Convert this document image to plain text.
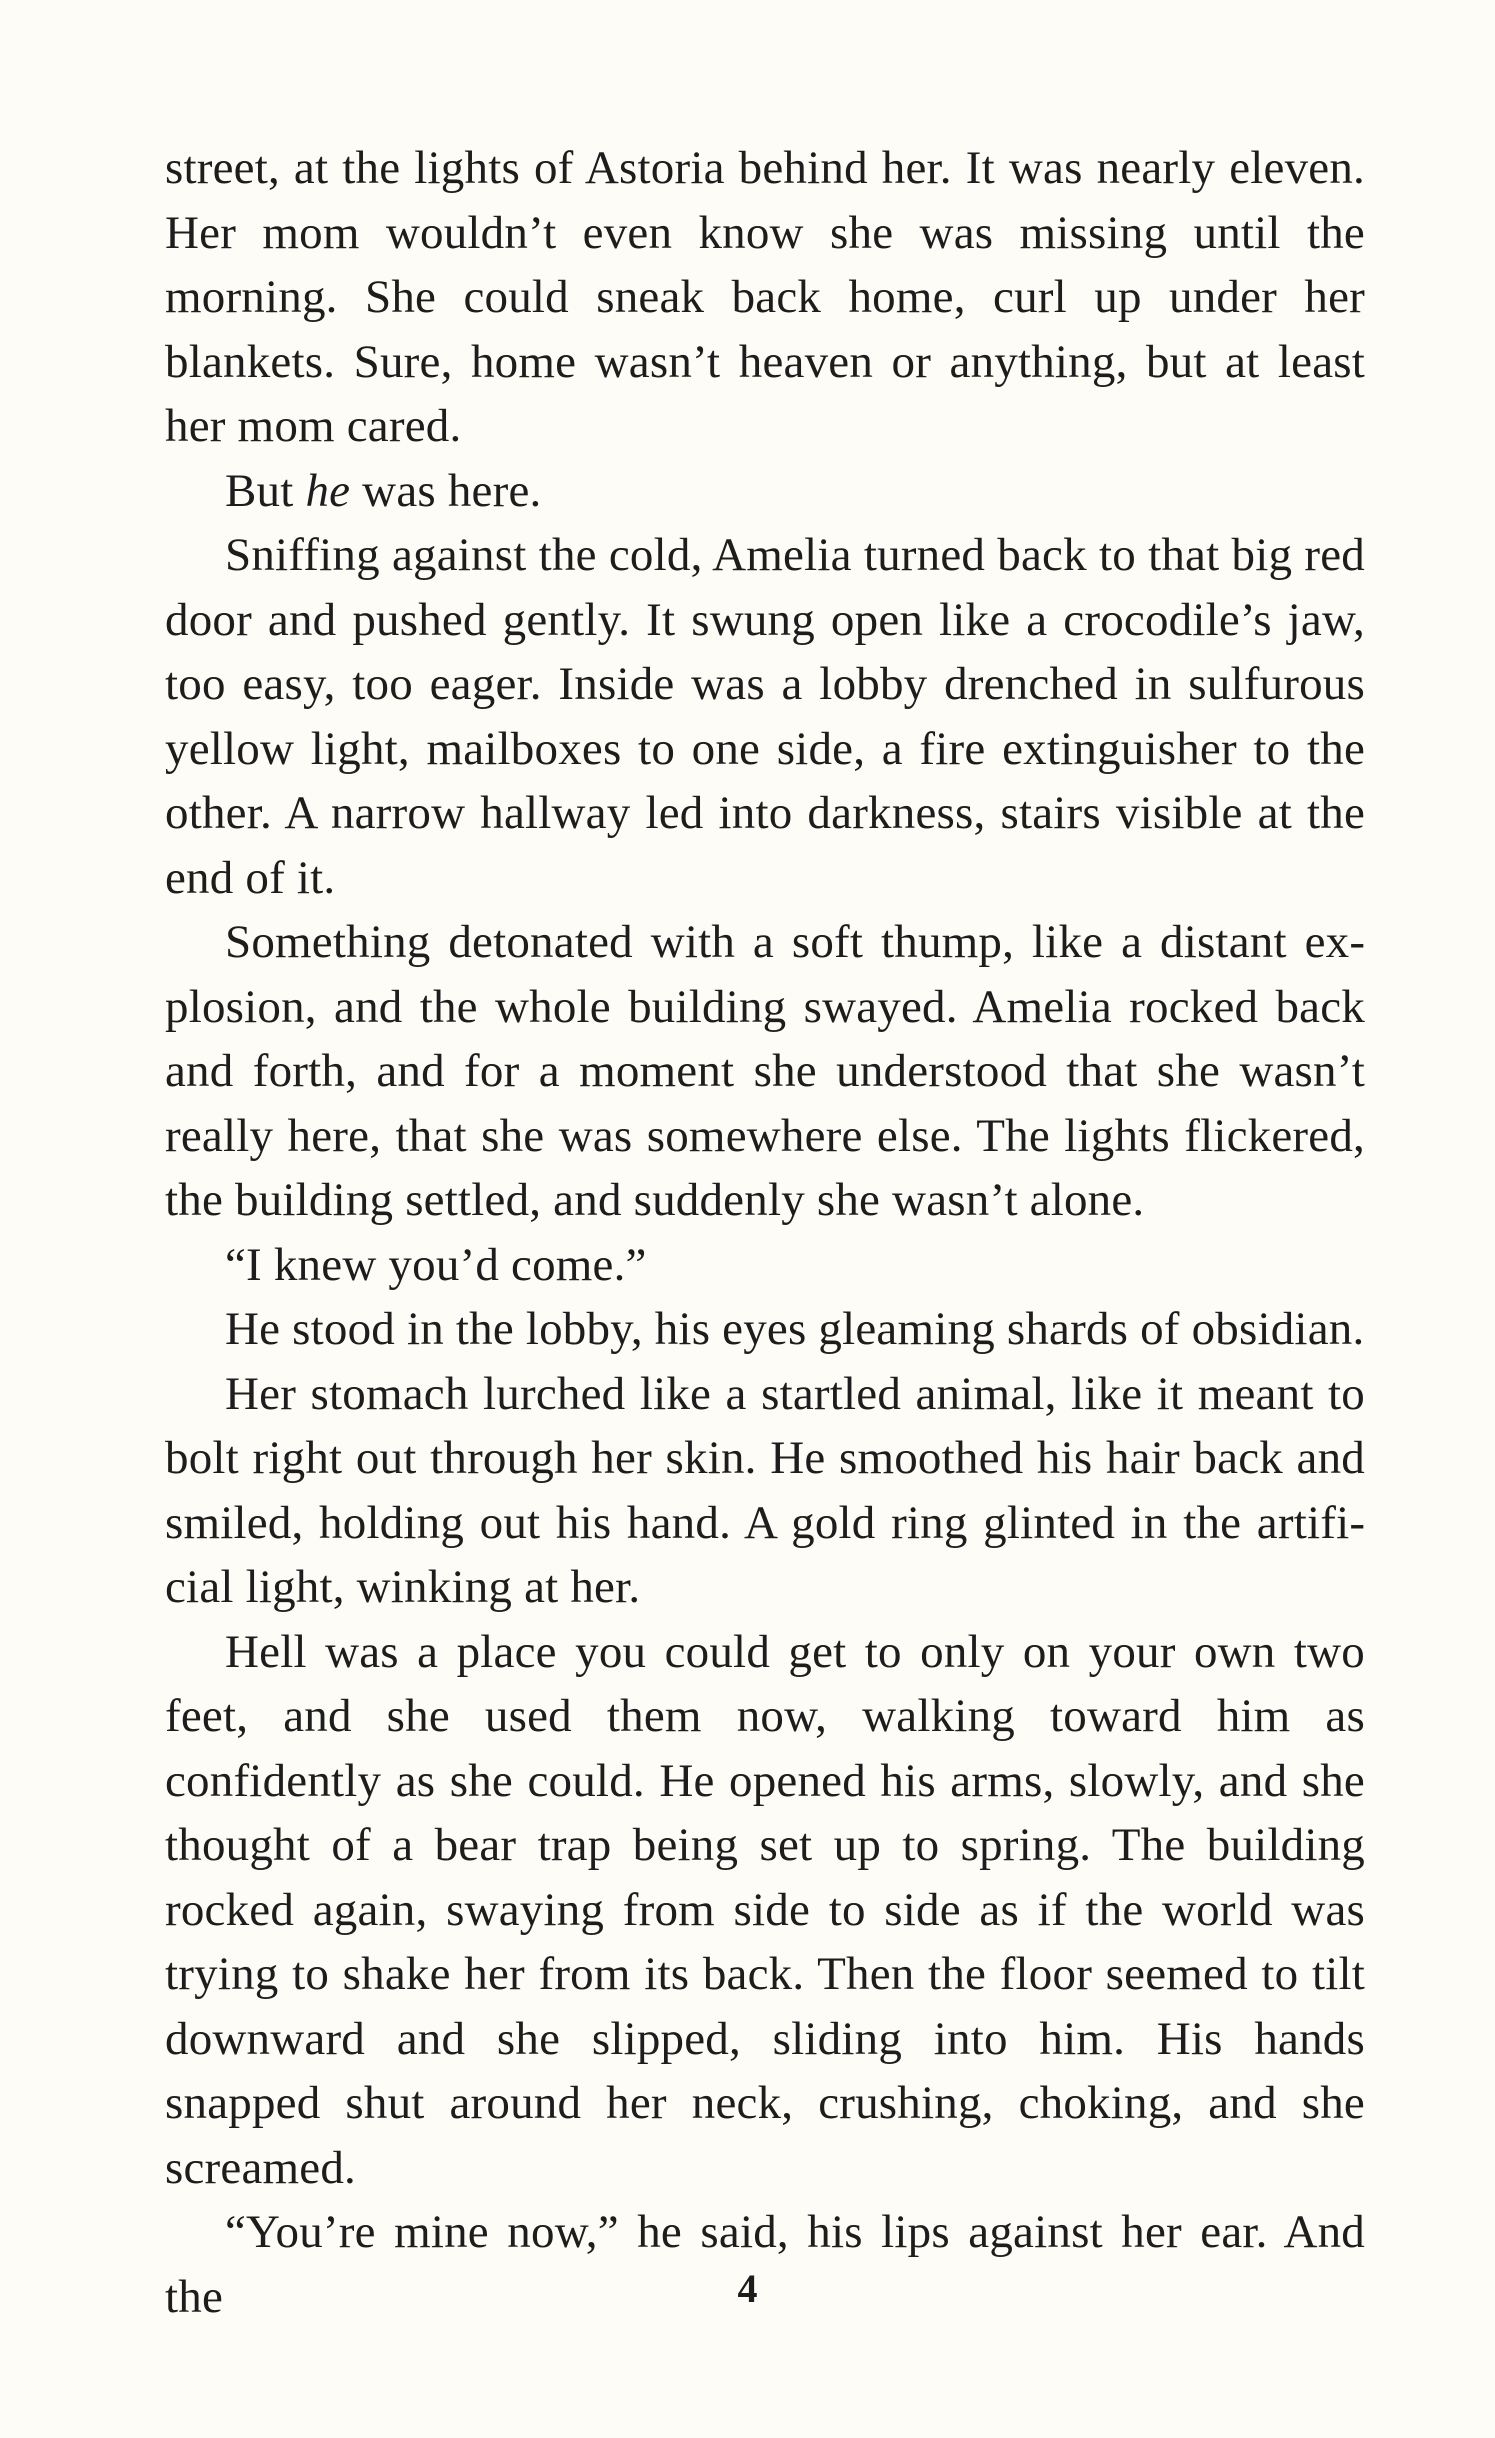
street, at the lights of Astoria behind her. It was nearly eleven. Her mom wouldn’t even know she was missing until the morning. She could sneak back home, curl up under her blankets. Sure, home wasn’t heaven or anything, but at least her mom cared.

But he was here.

Sniffing against the cold, Amelia turned back to that big red door and pushed gently. It swung open like a crocodile’s jaw, too easy, too eager. Inside was a lobby drenched in sulfurous yellow light, mailboxes to one side, a fire extinguisher to the other. A narrow hallway led into darkness, stairs visible at the end of it.

Something detonated with a soft thump, like a distant explosion, and the whole building swayed. Amelia rocked back and forth, and for a moment she understood that she wasn’t really here, that she was somewhere else. The lights flickered, the building settled, and suddenly she wasn’t alone.

“I knew you’d come.”

He stood in the lobby, his eyes gleaming shards of obsidian.

Her stomach lurched like a startled animal, like it meant to bolt right out through her skin. He smoothed his hair back and smiled, holding out his hand. A gold ring glinted in the artificial light, winking at her.

Hell was a place you could get to only on your own two feet, and she used them now, walking toward him as confidently as she could. He opened his arms, slowly, and she thought of a bear trap being set up to spring. The building rocked again, swaying from side to side as if the world was trying to shake her from its back. Then the floor seemed to tilt downward and she slipped, sliding into him. His hands snapped shut around her neck, crushing, choking, and she screamed.

“You’re mine now,” he said, his lips against her ear. And the	4
